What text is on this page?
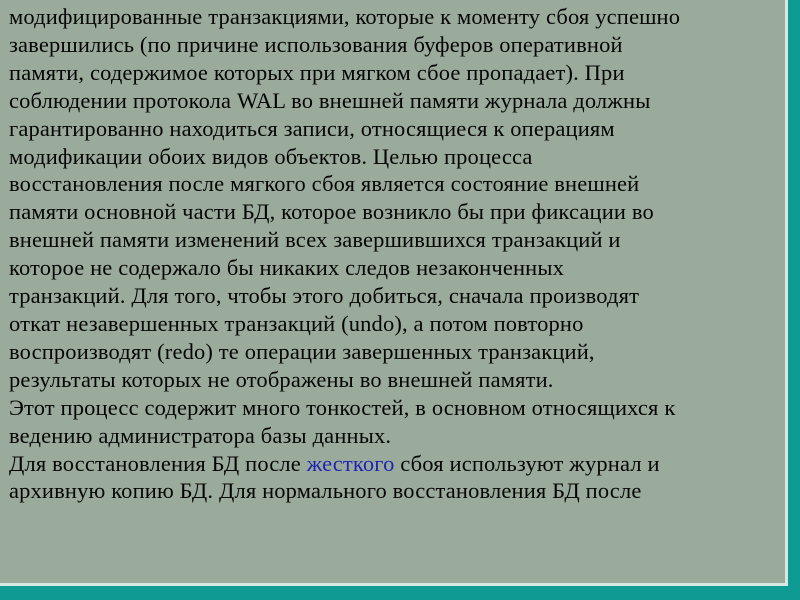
модифицированные транзакциями, которые к моменту сбоя успешно
завершились (по причине использования буферов оперативной
памяти, содержимое которых при мягком сбое пропадает). При
соблюдении протокола WAL во внешней памяти журнала должны
гарантированно находиться записи, относящиеся к операциям
модификации обоих видов объектов. Целью процесса
восстановления после мягкого сбоя является состояние внешней
памяти основной части БД, которое возникло бы при фиксации во
внешней памяти изменений всех завершившихся транзакций и
которое не содержало бы никаких следов незаконченных
транзакций. Для того, чтобы этого добиться, сначала производят
откат незавершенных транзакций (undo), а потом повторно
воспроизводят (redo) те операции завершенных транзакций,
результаты которых не отображены во внешней памяти.
Этот процесс содержит много тонкостей, в основном относящихся к
ведению администратора базы данных.
Для восстановления БД после жесткого сбоя используют журнал и
архивную копию БД. Для нормального восстановления БД после
